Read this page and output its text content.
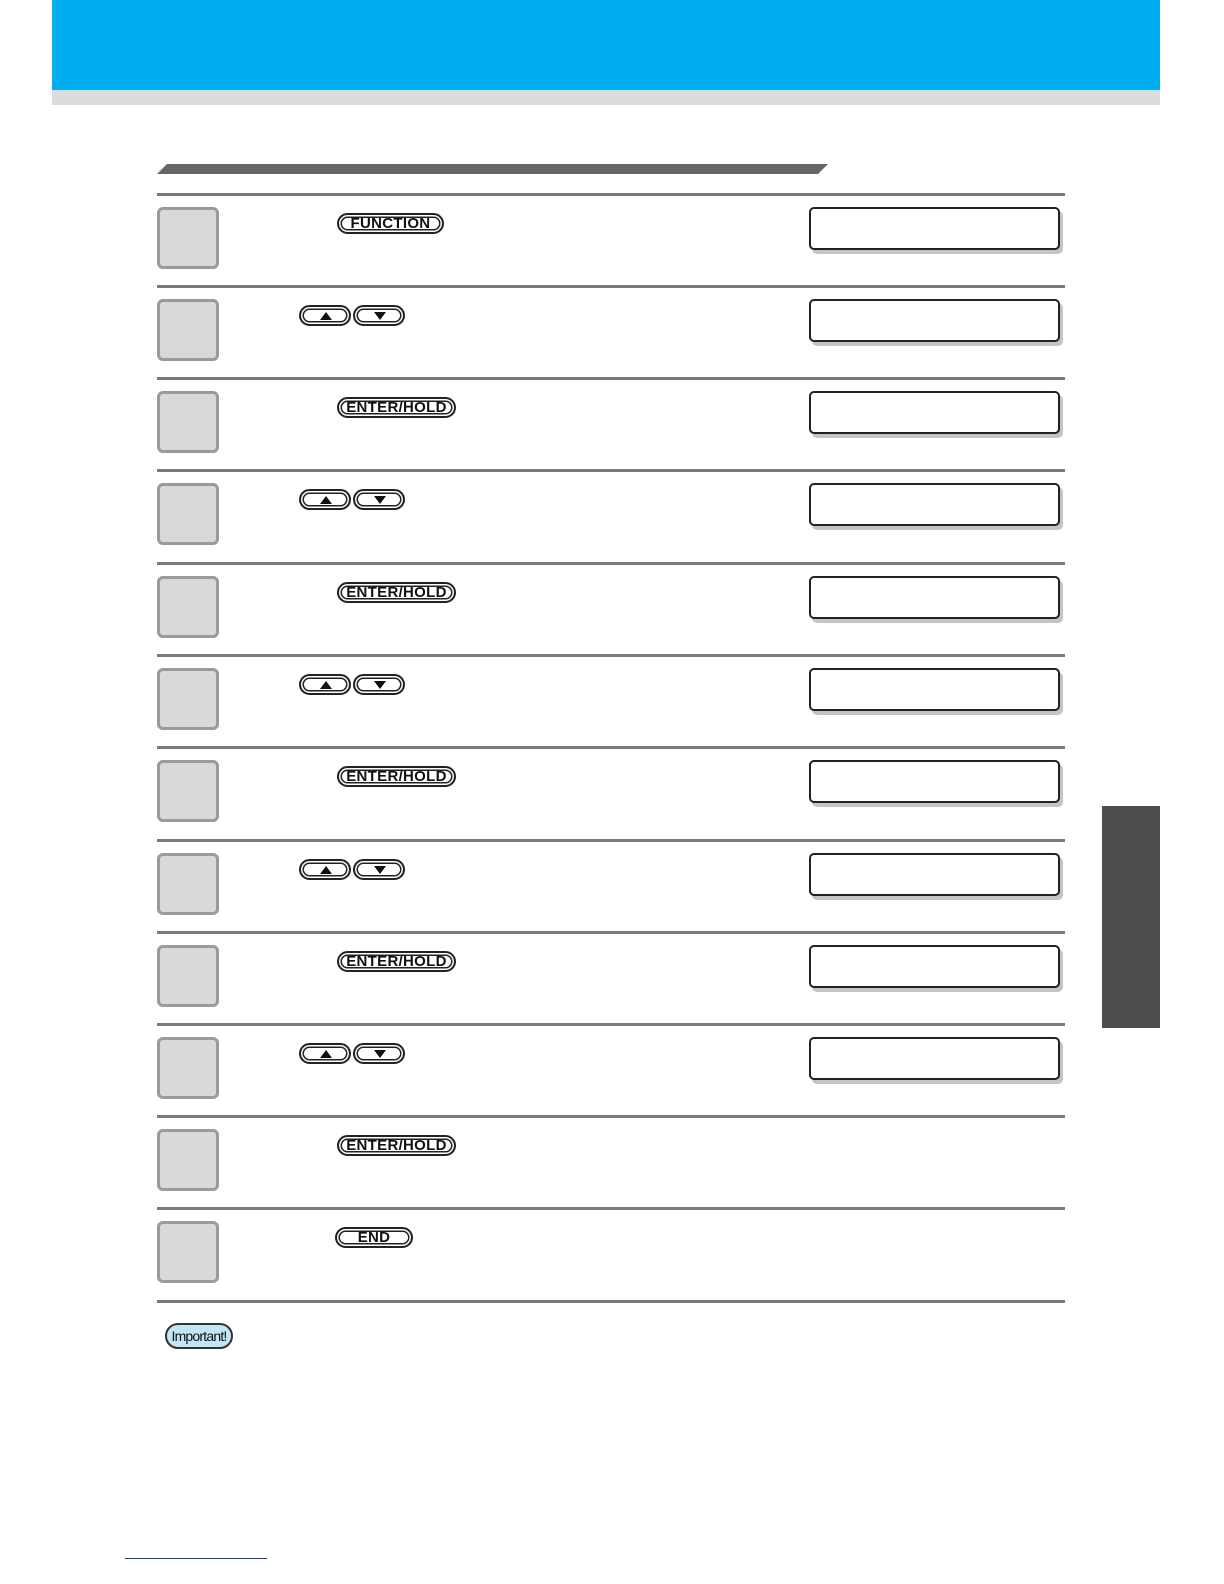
FUNCTION
ENTER/HOLD
ENTER/HOLD
ENTER/HOLD
ENTER/HOLD
ENTER/HOLD
END
Important!
